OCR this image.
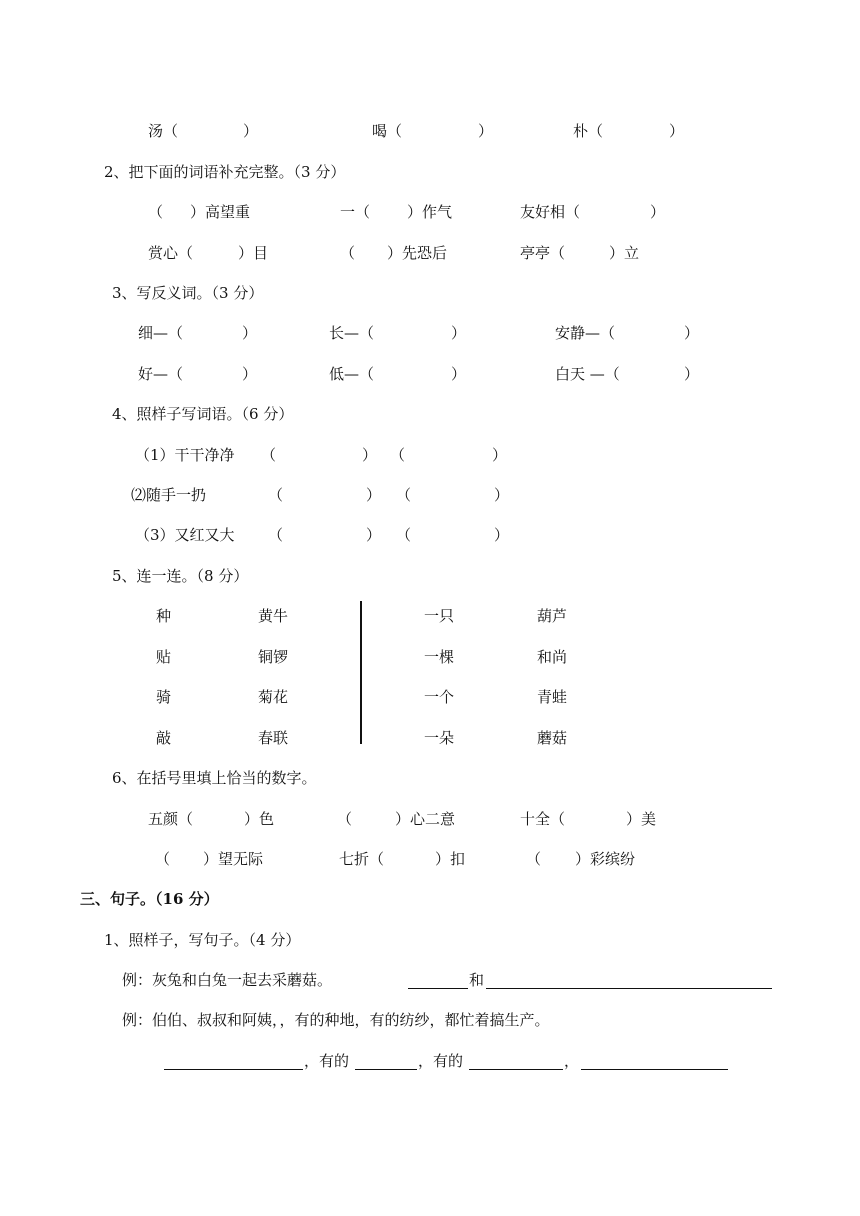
汤（	）	喝（	）	朴（	）
2、把下面的词语补充完整。（3 分）
（ ）高望重	一（ ）作气	友好相（	）
赏心（	）目	（ ）先恐后	亭亭（	）立
3、写反义词。（3 分）
细—（	）	长—（	）	安静—（	）
好—（	）	低—（	）	白天 —（	）
4、照样子写词语。（6 分）
（1）干干净净 （	） （	）
⑵随手一扔	（	） （	）
（3）又红又大 （	） （	）
5、连一连。（8 分）
种	黄牛	一只	葫芦
贴	铜锣	一棵	和尚
骑	菊花	一个	青蛙
敲	春联	一朵	蘑菇
6、在括号里填上恰当的数字。
五颜（	）色	（	）心二意	十全（	）美
（ ）望无际	七折（	）扣	（ ）彩缤纷
三、句子。（16 分）
1、照样子，写句子。（4 分）
例：灰兔和白兔一起去采蘑菇。	和
例：伯伯、叔叔和阿姨，，有的种地，有的纺纱，都忙着搞生产。
，有的	，有的	，
